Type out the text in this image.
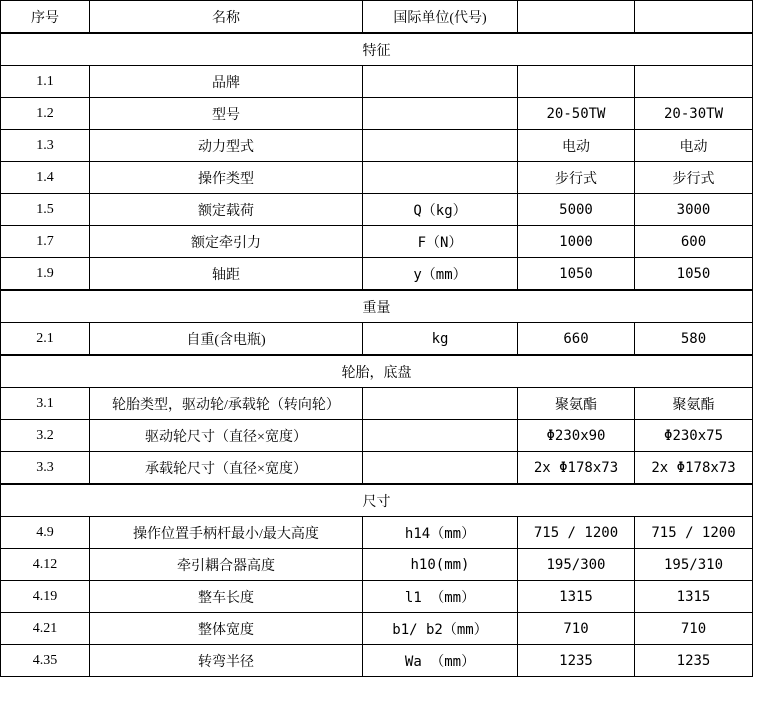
序号	名称	国际单位(代号)		
特征				
1.1	品牌			
1.2	型号		20-50TW	20-30TW
1.3	动力型式		电动	电动
1.4	操作类型		步行式	步行式
1.5	额定载荷	Q（kg）	5000	3000
1.7	额定牵引力	F（N）	1000	600
1.9	轴距	y（mm）	1050	1050
重量
2.1	自重(含电瓶)	kg	660	580
轮胎，底盘				
3.1	轮胎类型，驱动轮/承载轮（转向轮）		聚氨酯	聚氨酯
3.2	驱动轮尺寸（直径×宽度）		Φ230x90	Φ230x75
3.3	承载轮尺寸（直径×宽度）		2x Φ178x73	2x Φ178x73
尺寸				
4.9	操作位置手柄杆最小/最大高度	h14（mm）	715 / 1200	715 / 1200
4.12	牵引耦合器高度	h10(mm)	195/300	195/310
4.19	整车长度	l1 （mm）	1315	1315
4.21	整体宽度	b1/ b2（mm）	710	710
4.35	转弯半径	Wa （mm）	1235	1235
